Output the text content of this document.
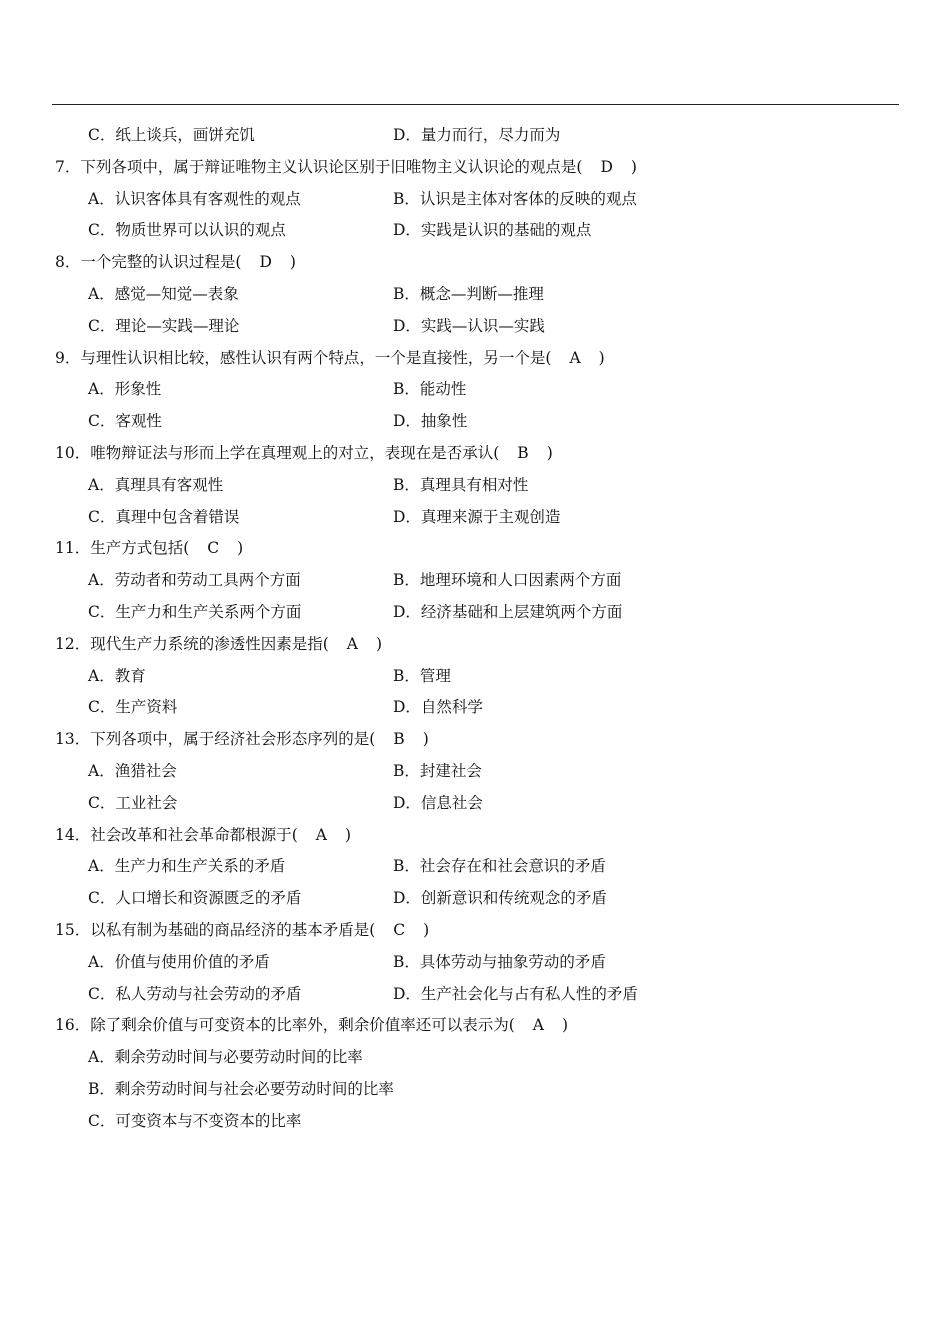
C．纸上谈兵，画饼充饥	D．量力而行，尽力而为
7．下列各项中，属于辩证唯物主义认识论区别于旧唯物主义认识论的观点是( D )
A．认识客体具有客观性的观点	B．认识是主体对客体的反映的观点
C．物质世界可以认识的观点	D．实践是认识的基础的观点
8．一个完整的认识过程是( D )
A．感觉—知觉—表象	B．概念—判断—推理
C．理论—实践—理论	D．实践—认识—实践
9．与理性认识相比较，感性认识有两个特点，一个是直接性，另一个是( A )
A．形象性	B．能动性
C．客观性	D．抽象性
10．唯物辩证法与形而上学在真理观上的对立，表现在是否承认( B )
A．真理具有客观性	B．真理具有相对性
C．真理中包含着错误	D．真理来源于主观创造
11．生产方式包括( C )
A．劳动者和劳动工具两个方面	B．地理环境和人口因素两个方面
C．生产力和生产关系两个方面	D．经济基础和上层建筑两个方面
12．现代生产力系统的渗透性因素是指( A )
A．教育	B．管理
C．生产资料	D．自然科学
13．下列各项中，属于经济社会形态序列的是( B )
A．渔猎社会	B．封建社会
C．工业社会	D．信息社会
14．社会改革和社会革命都根源于( A )
A．生产力和生产关系的矛盾	B．社会存在和社会意识的矛盾
C．人口增长和资源匮乏的矛盾	D．创新意识和传统观念的矛盾
15．以私有制为基础的商品经济的基本矛盾是( C )
A．价值与使用价值的矛盾	B．具体劳动与抽象劳动的矛盾
C．私人劳动与社会劳动的矛盾	D．生产社会化与占有私人性的矛盾
16．除了剩余价值与可变资本的比率外，剩余价值率还可以表示为( A )
A．剩余劳动时间与必要劳动时间的比率
B．剩余劳动时间与社会必要劳动时间的比率
C．可变资本与不变资本的比率
